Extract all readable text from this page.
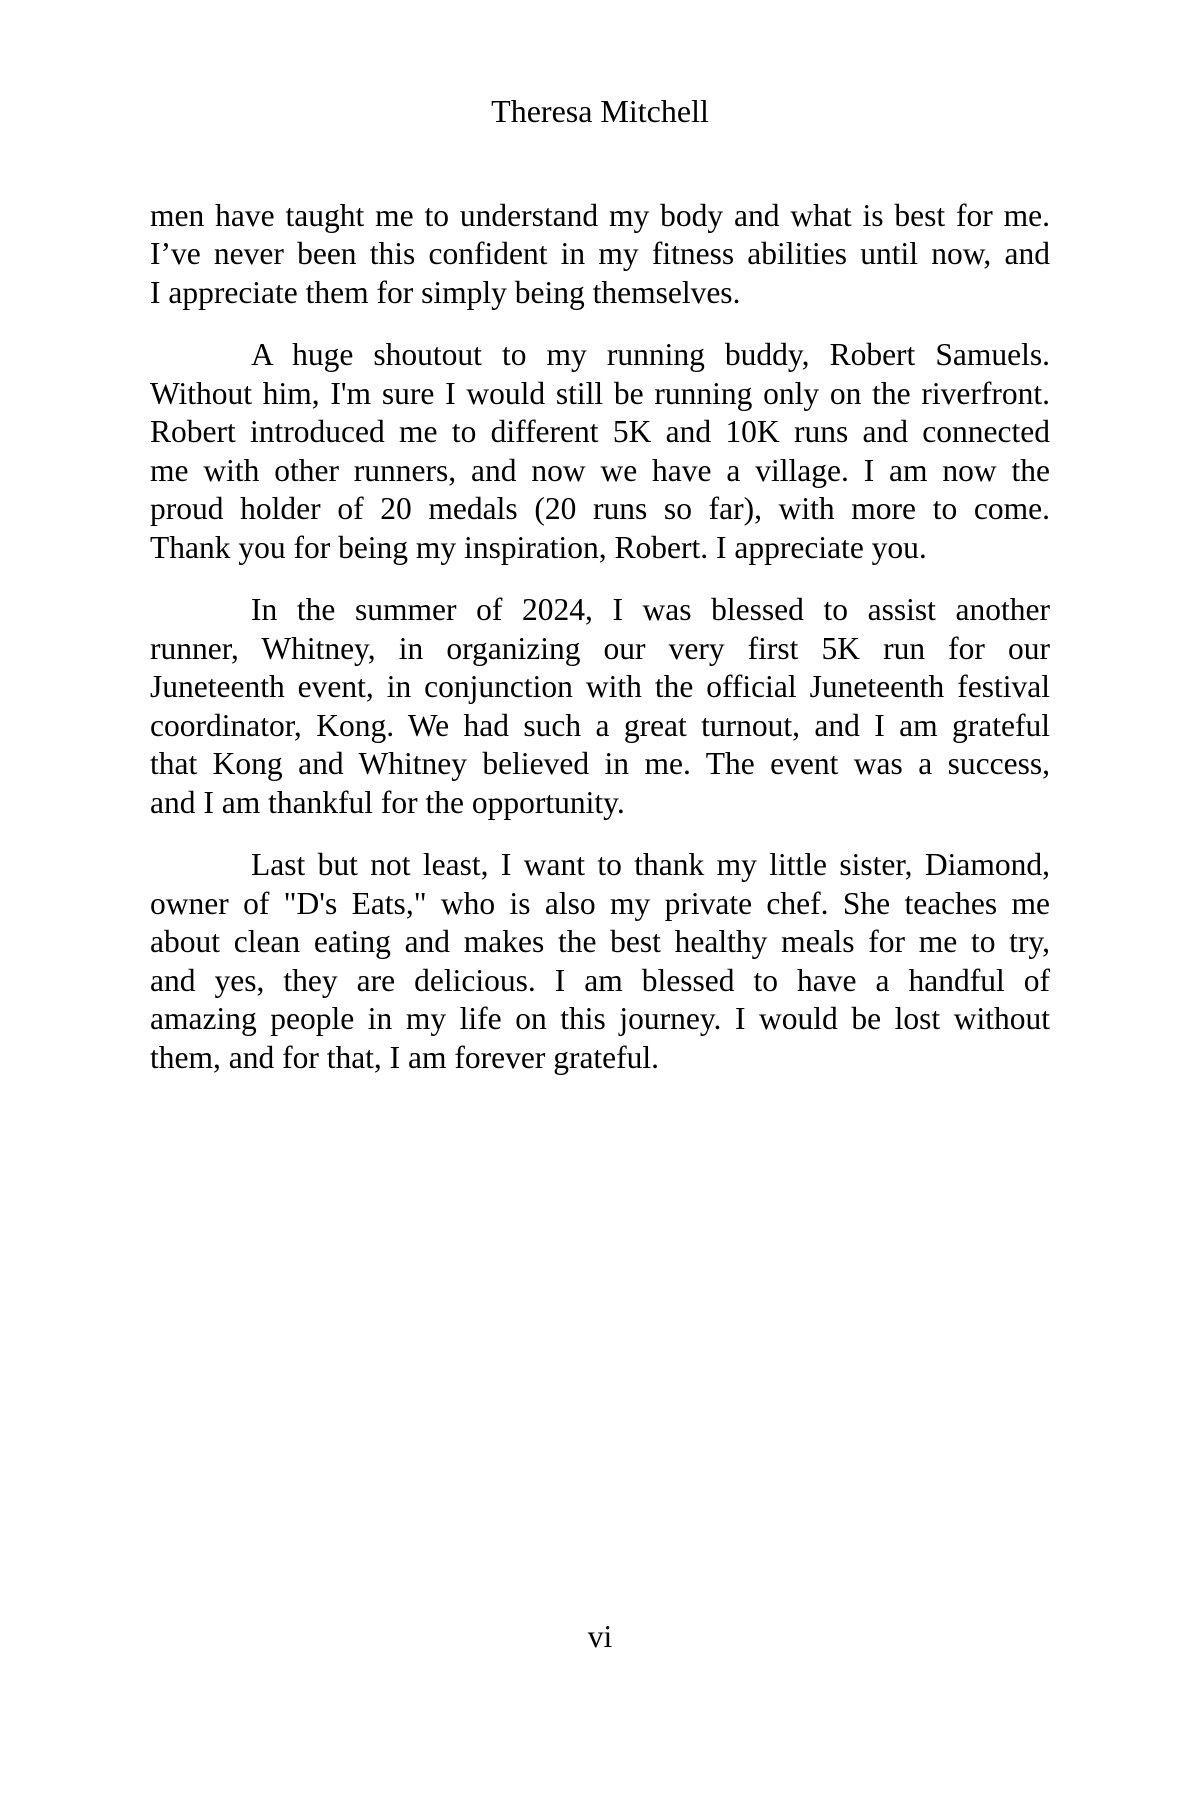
Theresa Mitchell

men have taught me to understand my body and what is best for me.
I’ve never been this confident in my fitness abilities until now, and
I appreciate them for simply being themselves.

A huge shoutout to my running buddy, Robert Samuels.
Without him, I'm sure I would still be running only on the riverfront.
Robert introduced me to different 5K and 10K runs and connected
me with other runners, and now we have a village. I am now the
proud holder of 20 medals (20 runs so far), with more to come.
Thank you for being my inspiration, Robert. I appreciate you.

In the summer of 2024, I was blessed to assist another
runner, Whitney, in organizing our very first 5K run for our
Juneteenth event, in conjunction with the official Juneteenth festival
coordinator, Kong. We had such a great turnout, and I am grateful
that Kong and Whitney believed in me. The event was a success,
and I am thankful for the opportunity.

Last but not least, I want to thank my little sister, Diamond,
owner of "D's Eats," who is also my private chef. She teaches me
about clean eating and makes the best healthy meals for me to try,
and yes, they are delicious. I am blessed to have a handful of
amazing people in my life on this journey. I would be lost without
them, and for that, I am forever grateful.

vi
